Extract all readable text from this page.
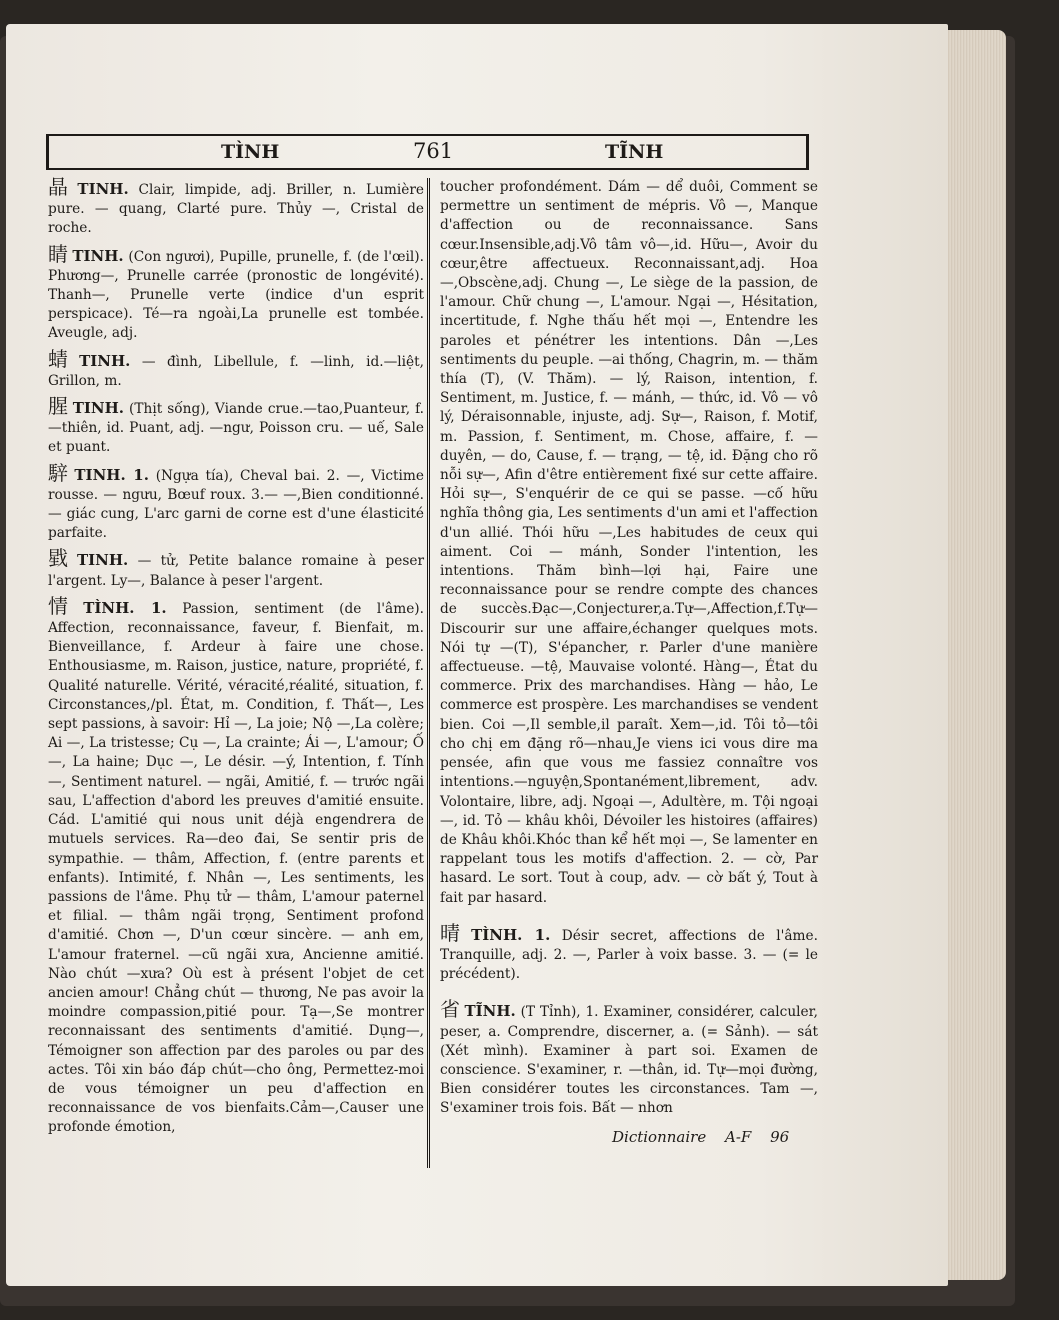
TÌNH	761	TĨNH

晶 TINH. Clair, limpide, adj. Briller, n. Lumière pure. — quang, Clarté pure. Thủy —, Cristal de roche.

睛 TINH. (Con ngươi), Pupille, prunelle, f. (de l'œil). Phương—, Prunelle carrée (pronostic de longévité). Thanh—, Prunelle verte (indice d'un esprit perspicace). Té—ra ngoài,La prunelle est tombée. Aveugle, adj.

蜻 TINH. — đình, Libellule, f. —linh, id.—liệt, Grillon, m.

腥 TINH. (Thịt sống), Viande crue.—tao,Puanteur, f. —thiên, id. Puant, adj. —ngư, Poisson cru. — uế, Sale et puant.

騂 TINH. 1. (Ngựa tía), Cheval bai. 2. —, Victime rousse. — ngưu, Bœuf roux. 3.— —,Bien conditionné. — giác cung, L'arc garni de corne est d'une élasticité parfaite.

戥 TINH. — tử, Petite balance romaine à peser l'argent. Ly—, Balance à peser l'argent.

情 TÌNH. 1. Passion, sentiment (de l'âme). Affection, reconnaissance, faveur, f. Bienfait, m. Bienveillance, f. Ardeur à faire une chose. Enthousiasme, m. Raison, justice, nature, propriété, f. Qualité naturelle. Vérité, véracité,réalité, situation, f. Circonstances,/pl. État, m. Condition, f. Thất—, Les sept passions, à savoir: Hỉ —, La joie; Nộ —,La colère; Ai —, La tristesse; Cụ —, La crainte; Ái —, L'amour; Ố—, La haine; Dục —, Le désir. —ý, Intention, f. Tính —, Sentiment naturel. — ngãi, Amitié, f. — trước ngãi sau, L'affection d'abord les preuves d'amitié ensuite. Cád. L'amitié qui nous unit déjà engendrera de mutuels services. Ra—deo đai, Se sentir pris de sympathie. — thâm, Affection, f. (entre parents et enfants). Intimité, f. Nhân —, Les sentiments, les passions de l'âme. Phụ tử — thâm, L'amour paternel et filial. — thâm ngãi trọng, Sentiment profond d'amitié. Chơn —, D'un cœur sincère. — anh em, L'amour fraternel. —cũ ngãi xưa, Ancienne amitié. Nào chút —xưa? Où est à présent l'objet de cet ancien amour! Chẳng chút — thương, Ne pas avoir la moindre compassion,pitié pour. Tạ—,Se montrer reconnaissant des sentiments d'amitié. Dụng—, Témoigner son affection par des paroles ou par des actes. Tôi xin báo đáp chút—cho ông, Permettez-moi de vous témoigner un peu d'affection en reconnaissance de vos bienfaits.Cảm—,Causer une profonde émotion,

toucher profondément. Dám — dể duôi, Comment se permettre un sentiment de mépris. Vô —, Manque d'affection ou de reconnaissance. Sans cœur.Insensible,adj.Vô tâm vô—,id. Hữu—, Avoir du cœur,être affectueux. Reconnaissant,adj. Hoa—,Obscène,adj. Chung —, Le siège de la passion, de l'amour. Chữ chung —, L'amour. Ngại —, Hésitation, incertitude, f. Nghe thấu hết mọi —, Entendre les paroles et pénétrer les intentions. Dân —,Les sentiments du peuple. —ai thống, Chagrin, m. — thăm thía (T), (V. Thăm). — lý, Raison, intention, f. Sentiment, m. Justice, f. — mánh, — thức, id. Vô — vô lý, Déraisonnable, injuste, adj. Sự—, Raison, f. Motif, m. Passion, f. Sentiment, m. Chose, affaire, f. — duyên, — do, Cause, f. — trạng, — tệ, id. Đặng cho rõ nỗi sự—, Afin d'être entièrement fixé sur cette affaire. Hỏi sự—, S'enquérir de ce qui se passe. —cố hữu nghĩa thông gia, Les sentiments d'un ami et l'affection d'un allié. Thói hữu —,Les habitudes de ceux qui aiment. Coi — mánh, Sonder l'intention, les intentions. Thăm bình—lợi hại, Faire une reconnaissance pour se rendre compte des chances de succès.Đạc—,Conjecturer,a.Tự—,Affection,f.Tự—Discourir sur une affaire,échanger quelques mots. Nói tự —(T), S'épancher, r. Parler d'une manière affectueuse. —tệ, Mauvaise volonté. Hàng—, État du commerce. Prix des marchandises. Hàng — hảo, Le commerce est prospère. Les marchandises se vendent bien. Coi —,Il semble,il paraît. Xem—,id. Tôi tỏ—tôi cho chị em đặng rõ—nhau,Je viens ici vous dire ma pensée, afin que vous me fassiez connaître vos intentions.—nguyện,Spontanément,librement, adv. Volontaire, libre, adj. Ngoại —, Adultère, m. Tội ngoại—, id. Tỏ — khâu khôi, Dévoiler les histoires (affaires) de Khâu khôi.Khóc than kể hết mọi —, Se lamenter en rappelant tous les motifs d'affection. 2. — cờ, Par hasard. Le sort. Tout à coup, adv. — cờ bất ý, Tout à fait par hasard.

晴 TÌNH. 1. Désir secret, affections de l'âme. Tranquille, adj. 2. —, Parler à voix basse. 3. — (= le précédent).

省 TĨNH. (T Tỉnh), 1. Examiner, considérer, calculer, peser, a. Comprendre, discerner, a. (= Sảnh). — sát (Xét mình). Examiner à part soi. Examen de conscience. S'examiner, r. —thân, id. Tự—mọi đường, Bien considérer toutes les circonstances. Tam —, S'examiner trois fois. Bất — nhơn

Dictionnaire A-F 96
